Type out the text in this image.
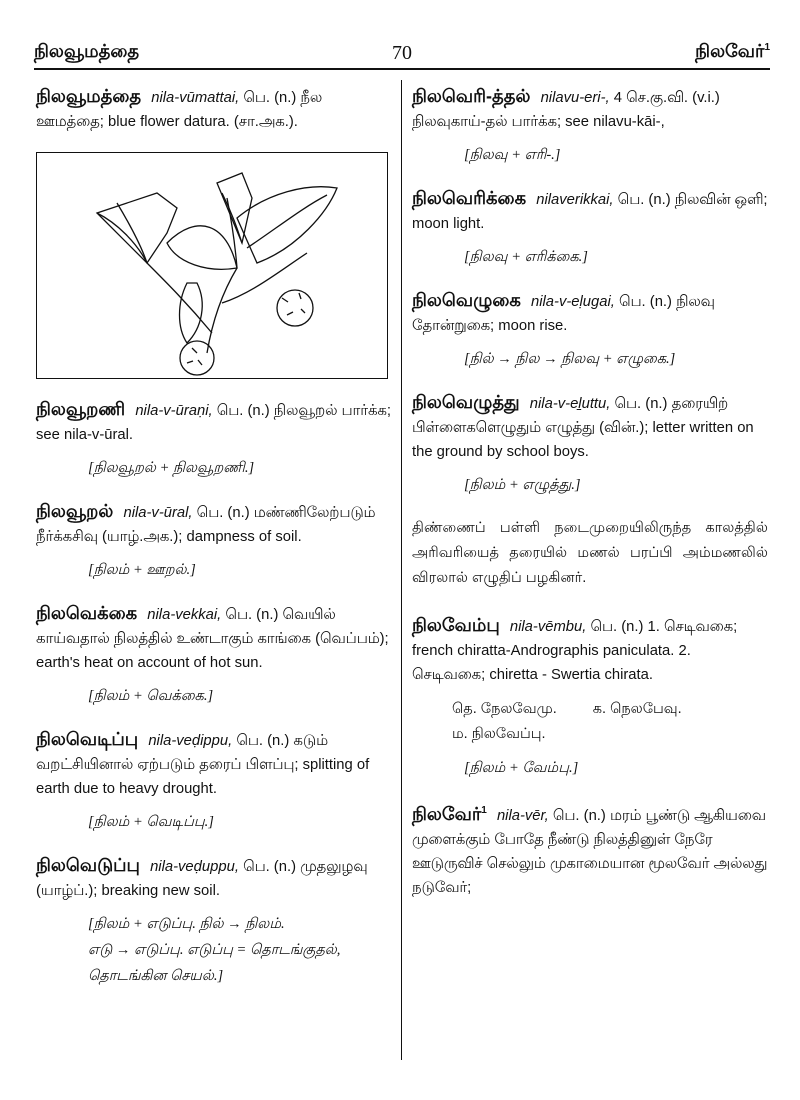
நிலவூமத்தை	70	நிலவேர்$^1$
நிலவூமத்தை nila-vūmattai, பெ. (n.) நீல ஊமத்தை; blue flower datura. (சா.அக.).
நிலவூறணி nila-v-ūraṇi, பெ. (n.) நிலவூறல் பார்க்க; see nila-v-ūral.
[நிலவூறல் + நிலவூறணி.]
நிலவூறல் nila-v-ūral, பெ. (n.) மண்ணிலேற்படும் நீர்க்கசிவு (யாழ்.அக.); dampness of soil.
[நிலம் + ஊறல்.]
நிலவெக்கை nila-vekkai, பெ. (n.) வெயில் காய்வதால் நிலத்தில் உண்டாகும் காங்கை (வெப்பம்); earth's heat on account of hot sun.
[நிலம் + வெக்கை.]
நிலவெடிப்பு nila-veḍippu, பெ. (n.) கடும் வறட்சியினால் ஏற்படும் தரைப் பிளப்பு; splitting of earth due to heavy drought.
[நிலம் + வெடிப்பு.]
நிலவெடுப்பு nila-veḍuppu, பெ. (n.) முதலுழவு (யாழ்ப்.); breaking new soil.
[நிலம் + எடுப்பு. நில் → நிலம்.
எடு → எடுப்பு. எடுப்பு = தொடங்குதல்,
தொடங்கின செயல்.]
நிலவெரி-த்தல் nilavu-eri-, 4 செ.கு.வி. (v.i.) நிலவுகாய்-தல் பார்க்க; see nilavu-kāi-,
[நிலவு + எரி-.]
நிலவெரிக்கை nilaverikkai, பெ. (n.) நிலவின் ஒளி; moon light.
[நிலவு + எரிக்கை.]
நிலவெழுகை nila-v-eḷugai, பெ. (n.) நிலவு தோன்றுகை; moon rise.
[நில் → நில → நிலவு + எழுகை.]
நிலவெழுத்து nila-v-eḻuttu, பெ. (n.) தரையிற் பிள்ளைகளெழுதும் எழுத்து (வின்.); letter written on the ground by school boys.
[நிலம் + எழுத்து.]
திண்ணைப் பள்ளி நடைமுறையிலிருந்த காலத்தில் அரிவரியைத் தரையில் மணல் பரப்பி அம்மணலில் விரலால் எழுதிப் பழகினர்.
நிலவேம்பு nila-vēmbu, பெ. (n.) 1. செடிவகை; french chiratta-Andrographis paniculata. 2. செடிவகை; chiretta - Swertia chirata.
தெ. நேலவேமு. க. நெலபேவு.
ம. நிலவேப்பு.
[நிலம் + வேம்பு.]
நிலவேர்$^1$ nila-vēr, பெ. (n.) மரம் பூண்டு ஆகியவை முளைக்கும் போதே நீண்டு நிலத்தினுள் நேரே ஊடுருவிச் செல்லும் முகாமையான மூலவேர் அல்லது நடுவேர்;
